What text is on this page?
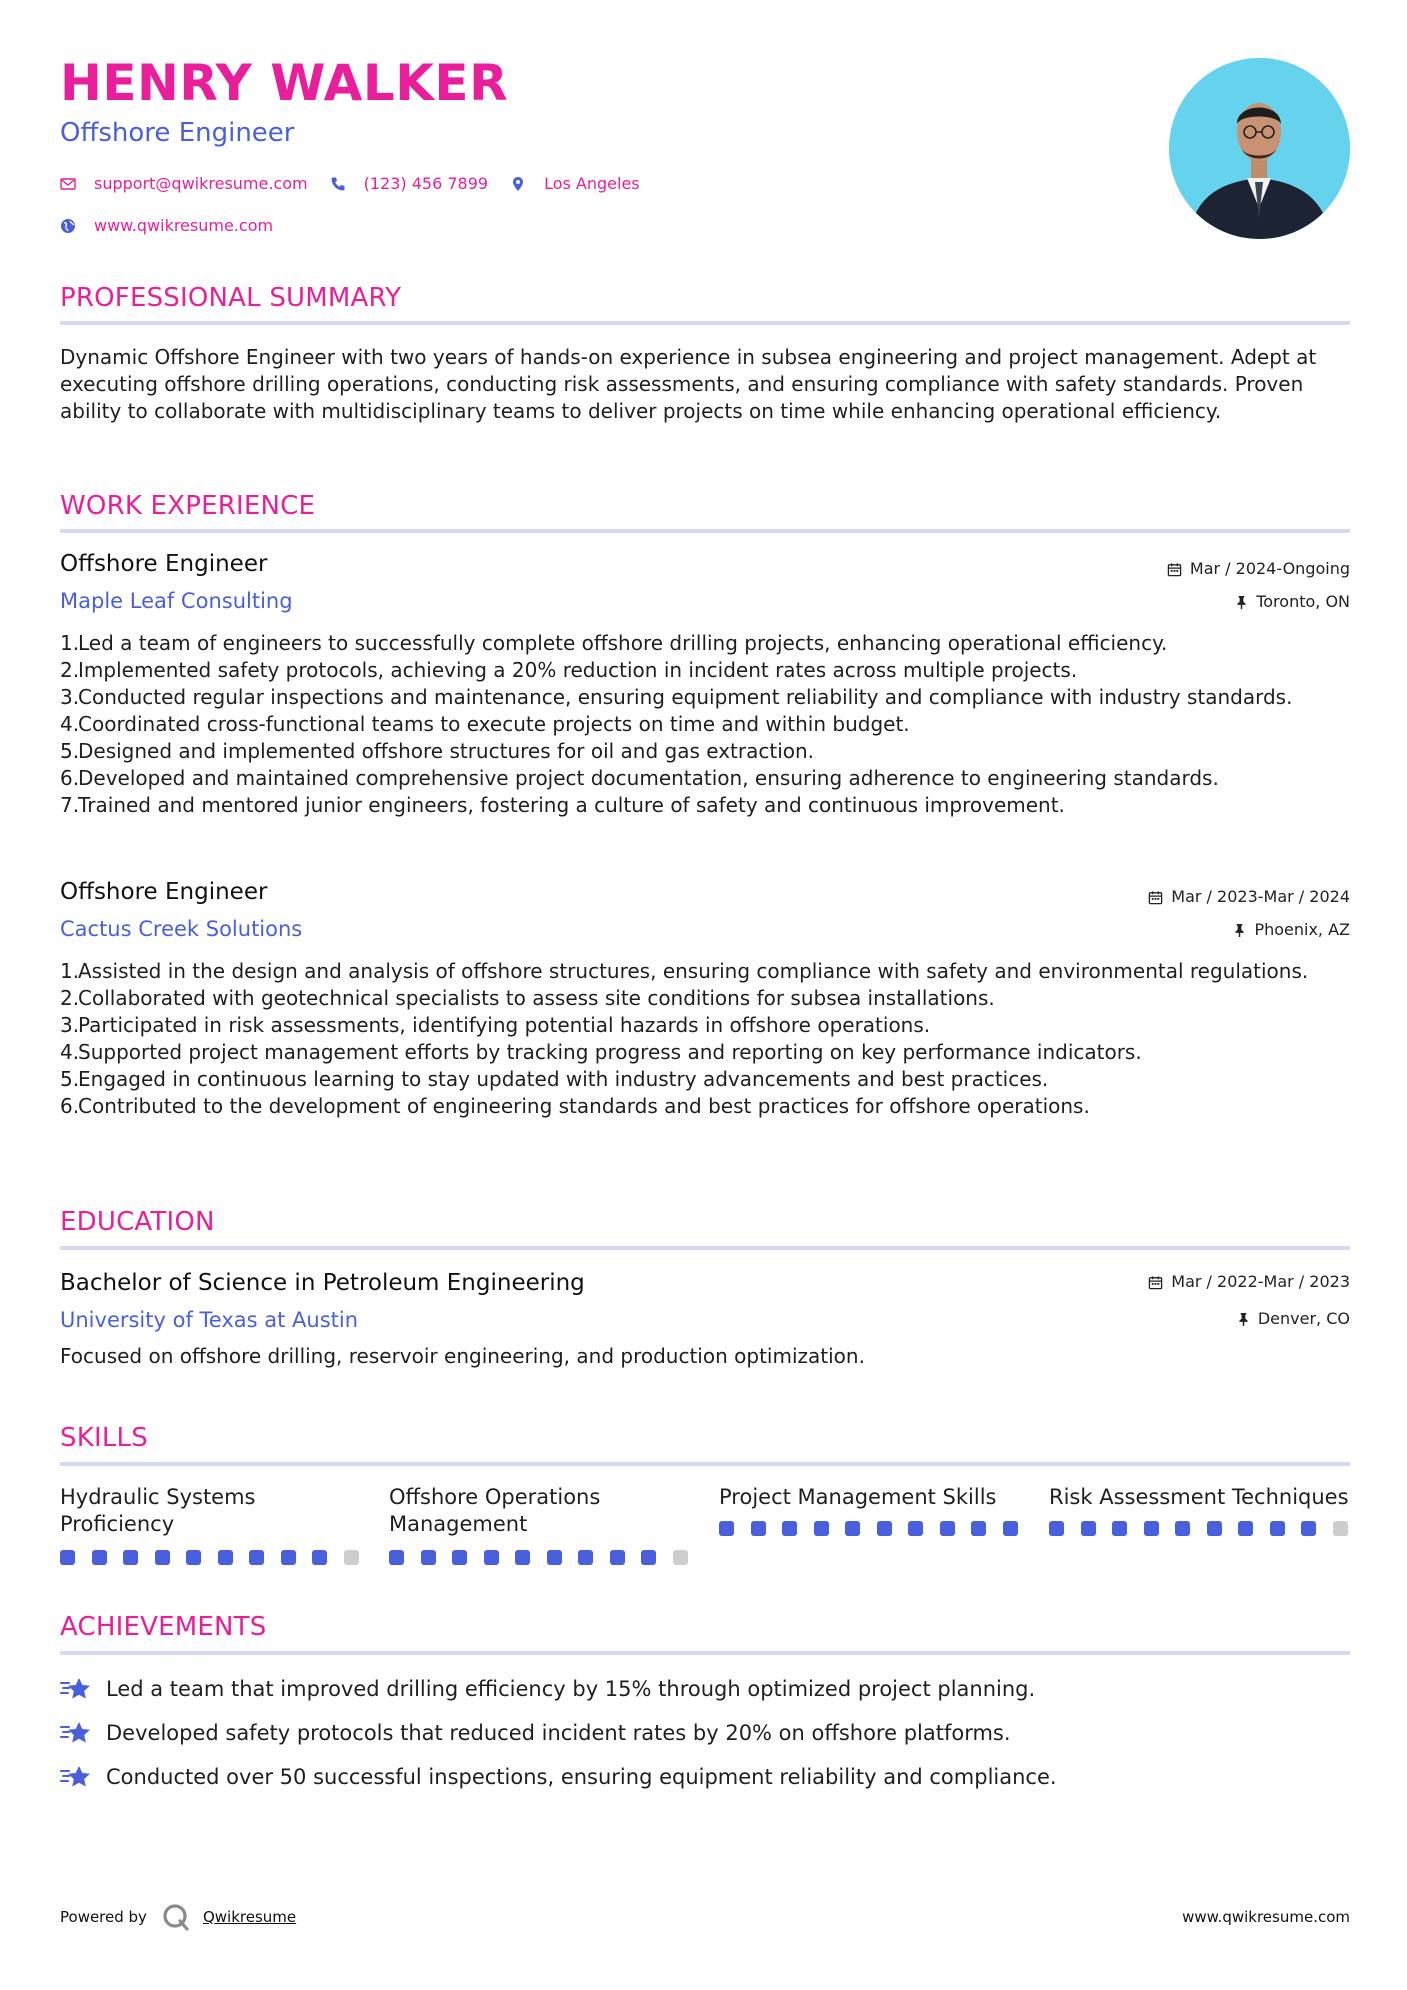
HENRY WALKER
Offshore Engineer
support@qwikresume.com	(123) 456 7899	Los Angeles
www.qwikresume.com
PROFESSIONAL SUMMARY
Dynamic Offshore Engineer with two years of hands-on experience in subsea engineering and project management. Adept at executing offshore drilling operations, conducting risk assessments, and ensuring compliance with safety standards. Proven ability to collaborate with multidisciplinary teams to deliver projects on time while enhancing operational efficiency.
WORK EXPERIENCE
Offshore Engineer
Maple Leaf Consulting
Mar / 2024-Ongoing
Toronto, ON
1.
Led a team of engineers to successfully complete offshore drilling projects, enhancing operational efficiency.
2.
Implemented safety protocols, achieving a 20% reduction in incident rates across multiple projects.
3.
Conducted regular inspections and maintenance, ensuring equipment reliability and compliance with industry standards.
4.
Coordinated cross-functional teams to execute projects on time and within budget.
5.
Designed and implemented offshore structures for oil and gas extraction.
6.
Developed and maintained comprehensive project documentation, ensuring adherence to engineering standards.
7.
Trained and mentored junior engineers, fostering a culture of safety and continuous improvement.
Offshore Engineer
Cactus Creek Solutions
Mar / 2023-Mar / 2024
Phoenix, AZ
1.
Assisted in the design and analysis of offshore structures, ensuring compliance with safety and environmental regulations.
2.
Collaborated with geotechnical specialists to assess site conditions for subsea installations.
3.
Participated in risk assessments, identifying potential hazards in offshore operations.
4.
Supported project management efforts by tracking progress and reporting on key performance indicators.
5.
Engaged in continuous learning to stay updated with industry advancements and best practices.
6.
Contributed to the development of engineering standards and best practices for offshore operations.
EDUCATION
Bachelor of Science in Petroleum Engineering
University of Texas at Austin
Mar / 2022-Mar / 2023
Denver, CO
Focused on offshore drilling, reservoir engineering, and production optimization.
SKILLS
Hydraulic Systems Proficiency
Offshore Operations Management
Project Management Skills	Risk Assessment Techniques
ACHIEVEMENTS
Led a team that improved drilling efficiency by 15% through optimized project planning.
Developed safety protocols that reduced incident rates by 20% on offshore platforms.
Conducted over 50 successful inspections, ensuring equipment reliability and compliance.
Powered by	Qwikresume	www.qwikresume.com
